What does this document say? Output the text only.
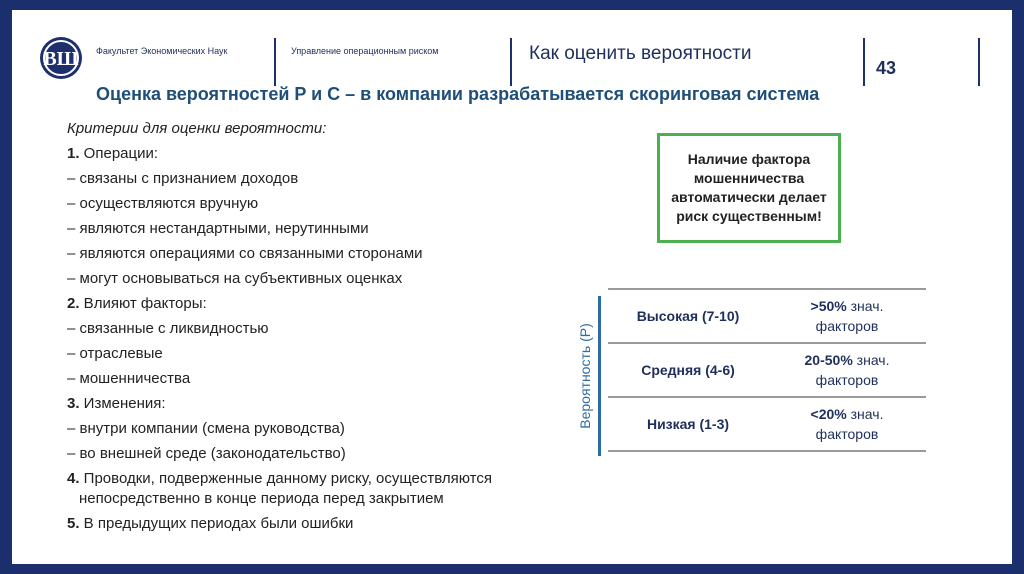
ВШ Факультет Экономических Наук	Управление операционным риском	Как оценить вероятности
43
Оценка вероятностей P и C – в компании разрабатывается скоринговая система
Критерии для оценки вероятности:
1. Операции:
– связаны с признанием доходов
– осуществляются вручную
– являются нестандартными, нерутинными
– являются операциями со связанными сторонами
– могут основываться на субъективных оценках
2. Влияют факторы:
– связанные с ликвидностью
– отраслевые
– мошенничества
3. Изменения:
– внутри компании (смена руководства)
– во внешней среде (законодательство)
4. Проводки, подверженные данному риску, осуществляются
непосредственно в конце периода перед закрытием
5. В предыдущих периодах были ошибки
Наличие фактора мошенничества автоматически делает риск существенным!
Вероятность (P)
Высокая (7-10)
>50% знач.
факторов
Средняя (4-6)
20-50% знач.
факторов
Низкая (1-3)
<20% знач.
факторов
